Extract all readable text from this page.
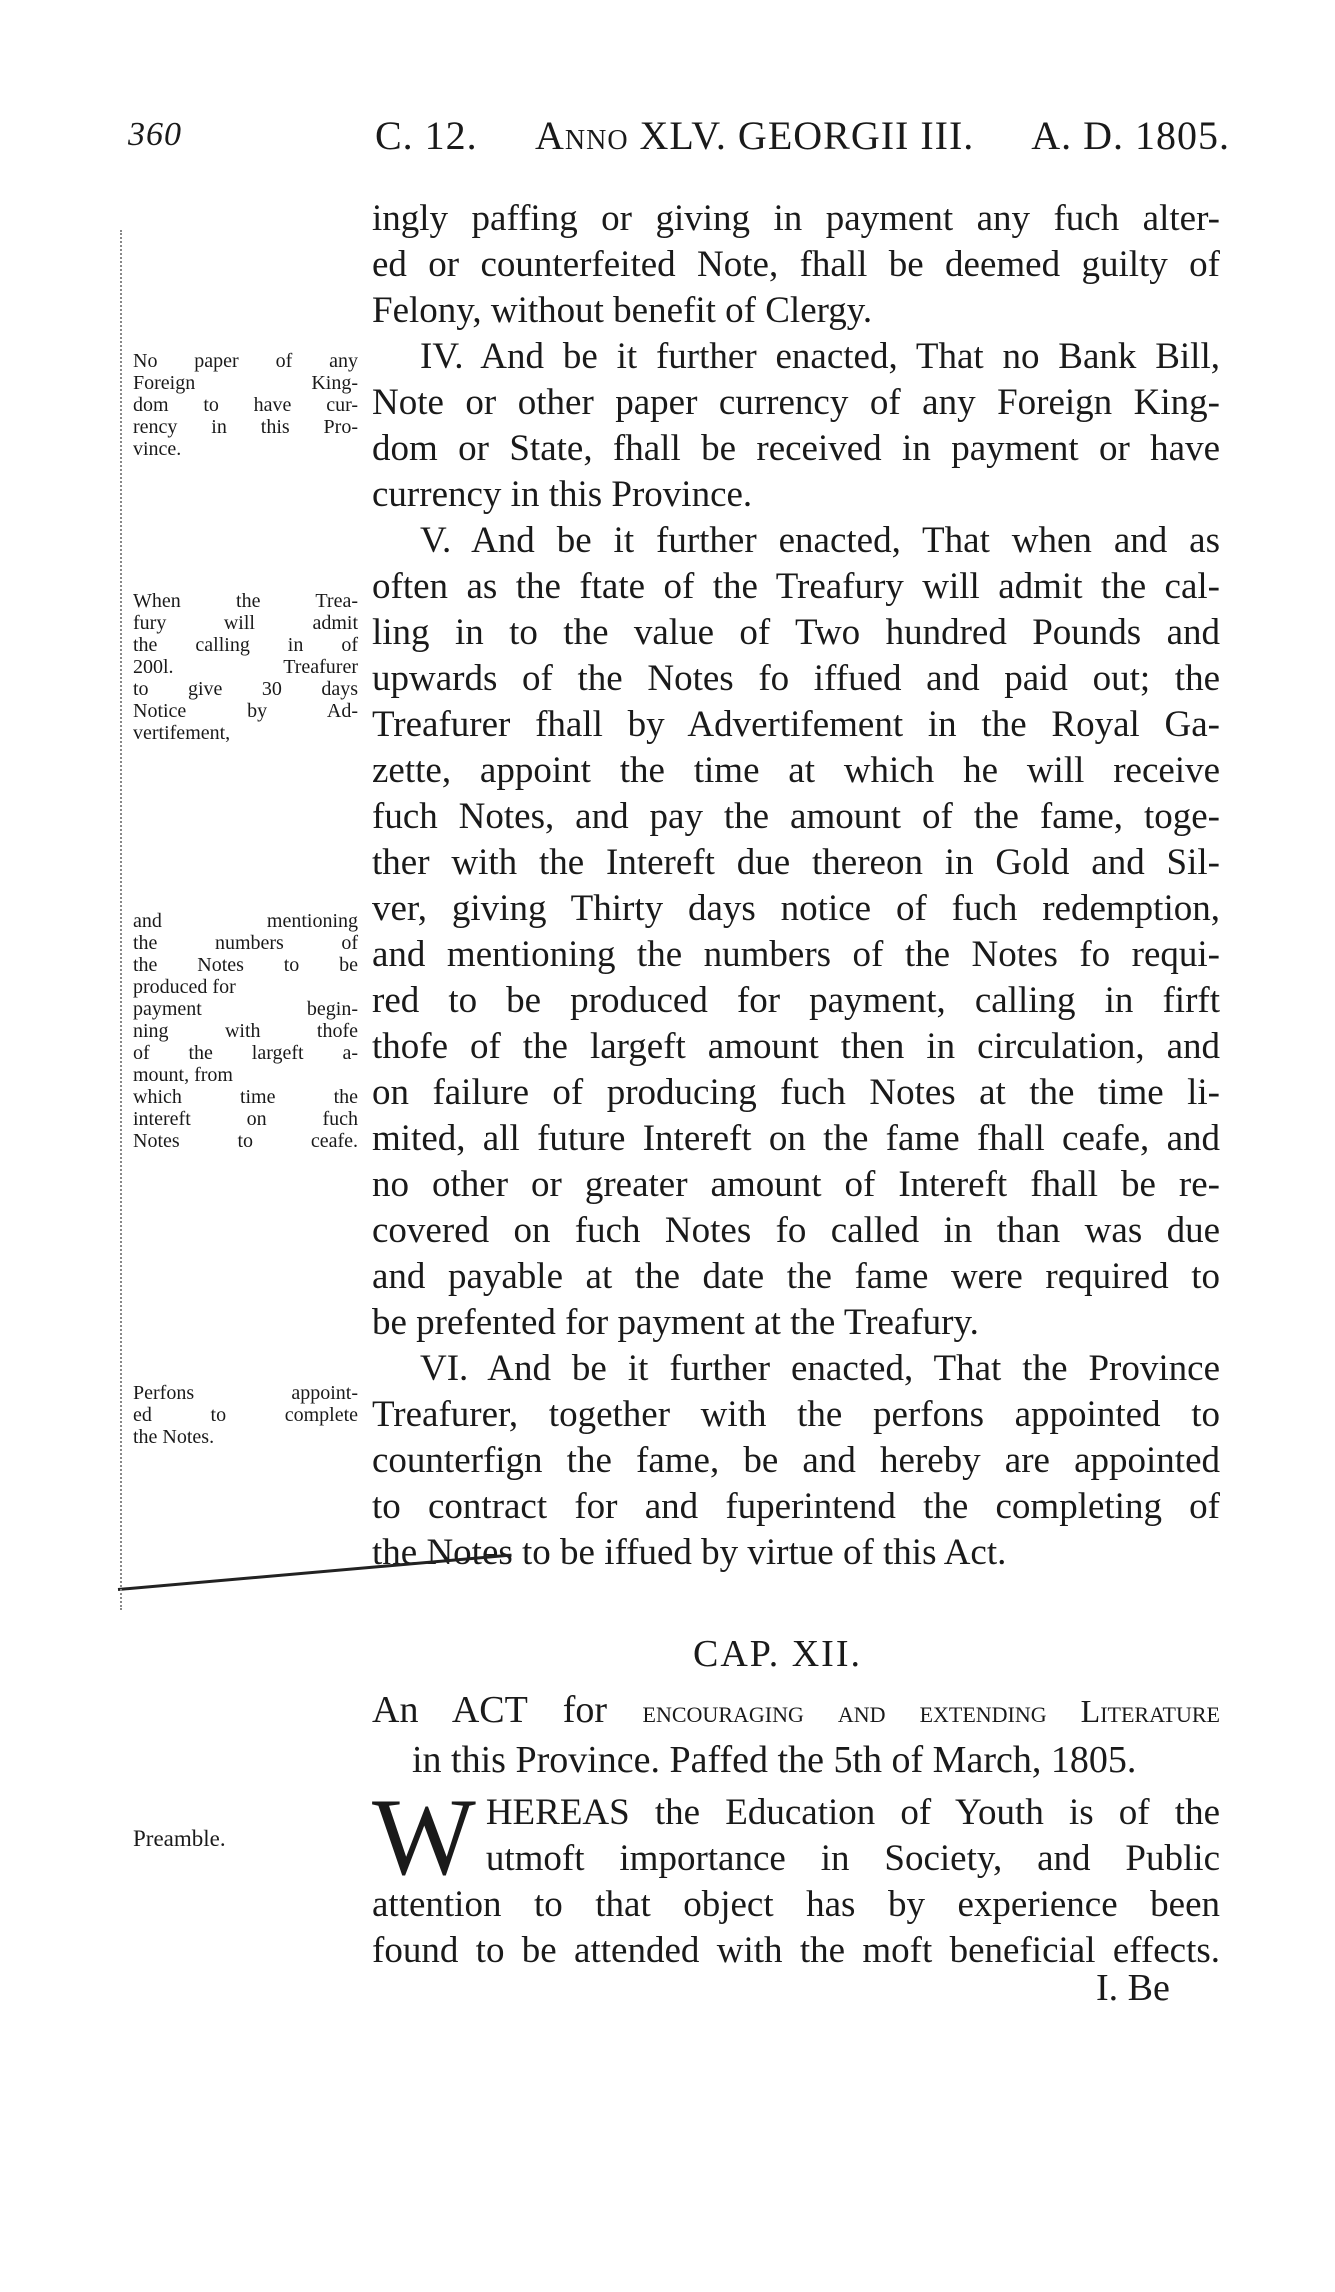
360	C. 12. Anno XLV. GEORGII III. A. D. 1805.
ingly paffing or giving in payment any fuch alter-
ed or counterfeited Note, fhall be deemed guilty of
Felony, without benefit of Clergy.
IV. And be it further enacted, That no Bank Bill,
Note or other paper currency of any Foreign King-
dom or State, fhall be received in payment or have
currency in this Province.
V. And be it further enacted, That when and as
often as the ftate of the Treafury will admit the cal-
ling in to the value of Two hundred Pounds and
upwards of the Notes fo iffued and paid out; the
Treafurer fhall by Advertifement in the Royal Ga-
zette, appoint the time at which he will receive
fuch Notes, and pay the amount of the fame, toge-
ther with the Intereft due thereon in Gold and Sil-
ver, giving Thirty days notice of fuch redemption,
and mentioning the numbers of the Notes fo requi-
red to be produced for payment, calling in firft
thofe of the largeft amount then in circulation, and
on failure of producing fuch Notes at the time li-
mited, all future Intereft on the fame fhall ceafe, and
no other or greater amount of Intereft fhall be re-
covered on fuch Notes fo called in than was due
and payable at the date the fame were required to
be prefented for payment at the Treafury.
VI. And be it further enacted, That the Province
Treafurer, together with the perfons appointed to
counterfign the fame, be and hereby are appointed
to contract for and fuperintend the completing of
the Notes to be iffued by virtue of this Act.
No paper of any
Foreign King-
dom to have cur-
rency in this Pro-
vince.
When the Trea-
fury will admit
the calling in of
200l. Treafurer
to give 30 days
Notice by Ad-
vertifement,
and mentioning
the numbers of
the Notes to be
produced for
payment begin-
ning with thofe
of the largeft a-
mount, from
which time the
intereft on fuch
Notes to ceafe.
Perfons appoint-
ed to complete
the Notes.
Preamble.
CAP. XII.
An ACT for encouraging and extending Literature
in this Province. Paffed the 5th of March, 1805.
W HEREAS the Education of Youth is of the
utmoft importance in Society, and Public
attention to that object has by experience been
found to be attended with the moft beneficial effects.
I. Be
